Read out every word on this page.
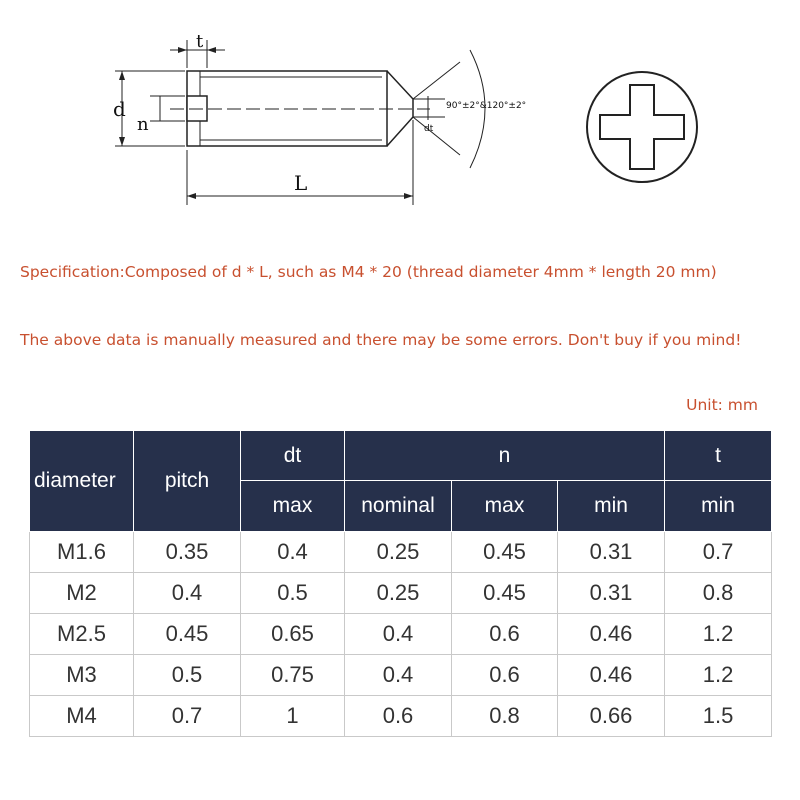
t
d
n
L
dt
90°±2°&120°±2°
Specification:Composed of d * L, such as M4 * 20 (thread diameter 4mm * length 20 mm)
The above data is manually measured and there may be some errors. Don't buy if you mind!
Unit: mm
diameter	pitch	dt	n			t
		max	nominal	max	min	min
M1.6	0.35	0.4	0.25	0.45	0.31	0.7
M2	0.4	0.5	0.25	0.45	0.31	0.8
M2.5	0.45	0.65	0.4	0.6	0.46	1.2
M3	0.5	0.75	0.4	0.6	0.46	1.2
M4	0.7	1	0.6	0.8	0.66	1.5
